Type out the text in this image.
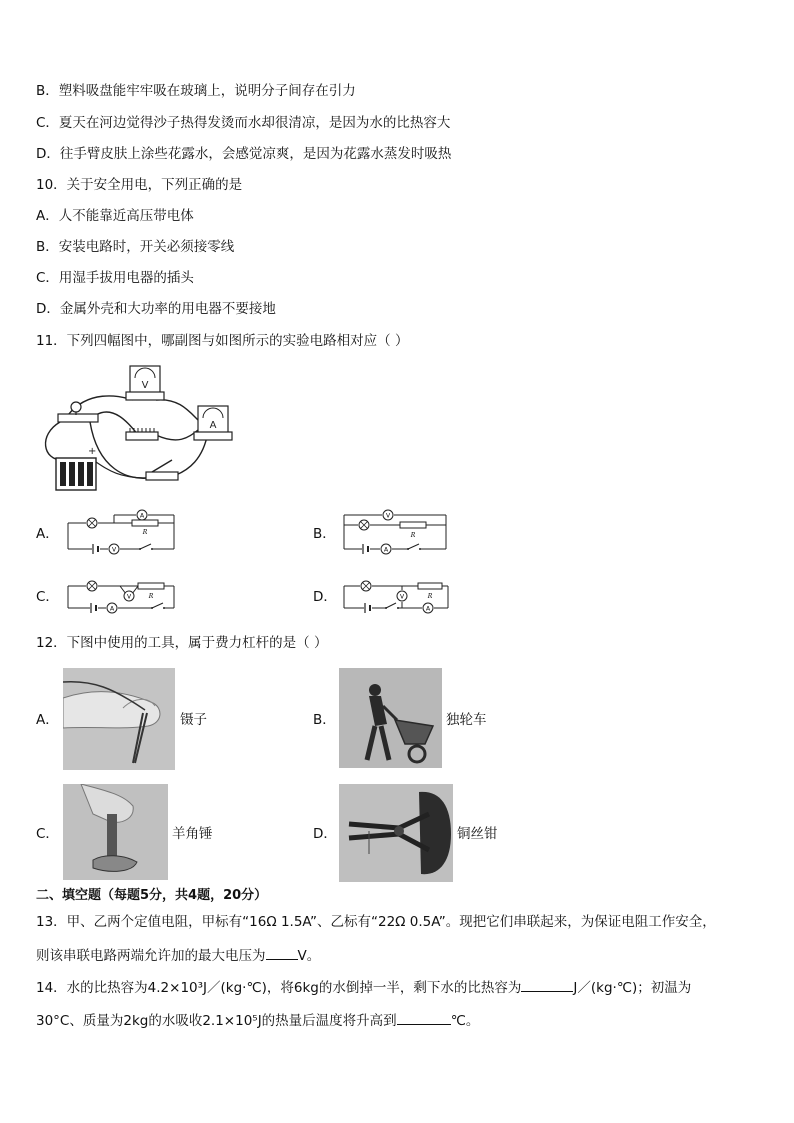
B．塑料吸盘能牢牢吸在玻璃上，说明分子间存在引力
C．夏天在河边觉得沙子热得发烫而水却很清凉，是因为水的比热容大
D．往手臂皮肤上涂些花露水，会感觉凉爽，是因为花露水蒸发时吸热
10．关于安全用电，下列正确的是
A．人不能靠近高压带电体
B．安装电路时，开关必须接零线
C．用湿手拔用电器的插头
D．金属外壳和大功率的用电器不要接地
11．下列四幅图中，哪副图与如图所示的实验电路相对应（ ）
V
A
+
A．
A
R
V
B．
V
R
A
C．	V	R
A
D．	V	R
A
12．下图中使用的工具，属于费力杠杆的是（ ）
A．	镊子	B．	独轮车
C．	羊角锤	D．	铜丝钳
二、填空题（每题5分，共4题，20分）
13．甲、乙两个定值电阻，甲标有“16Ω 1.5A”、乙标有“22Ω 0.5A”。现把它们串联起来，为保证电阻工作安全，
则该串联电路两端允许加的最大电压为 V。
14．水的比热容为4.2×10³J／(kg·℃)，将6kg的水倒掉一半，剩下水的比热容为	J／(kg·℃)；初温为
30°C、质量为2kg的水吸收2.1×10⁵J的热量后温度将升高到	℃。
